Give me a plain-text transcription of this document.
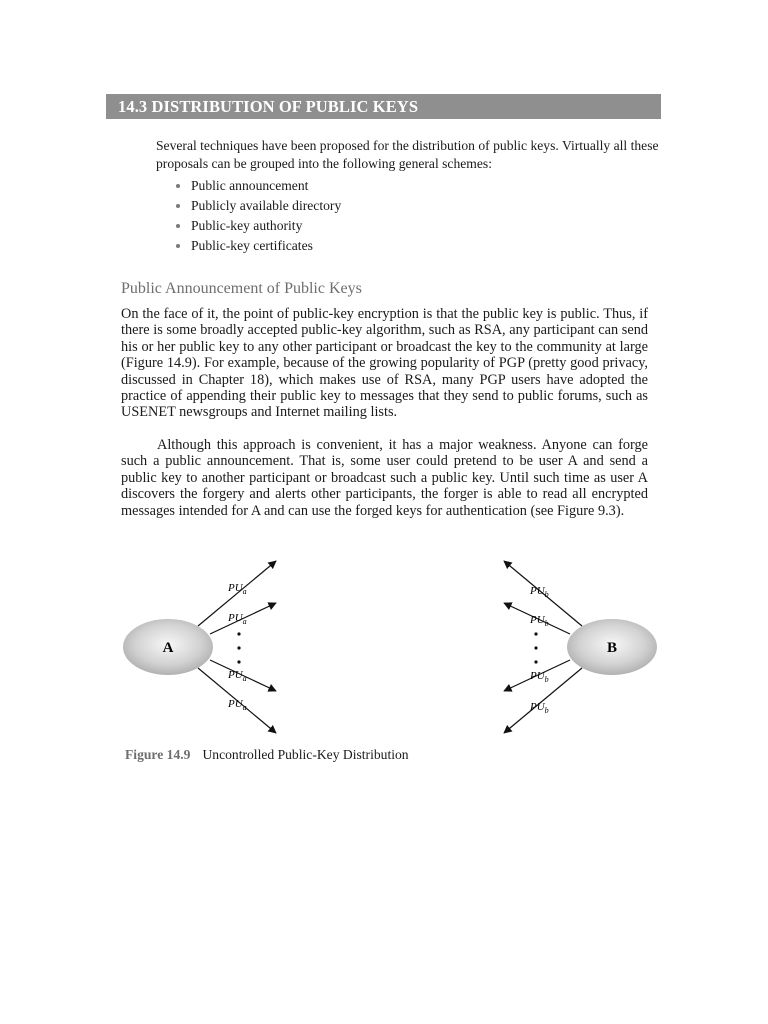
14.3 DISTRIBUTION OF PUBLIC KEYS

Several techniques have been proposed for the distribution of public keys. Virtually all these proposals can be grouped into the following general schemes:

Public announcement
Publicly available directory
Public-key authority
Public-key certificates
Public Announcement of Public Keys

On the face of it, the point of public-key encryption is that the public key is public. Thus, if there is some broadly accepted public-key algorithm, such as RSA, any participant can send his or her public key to any other participant or broadcast the key to the community at large (Figure 14.9). For example, because of the growing popularity of PGP (pretty good privacy, discussed in Chapter 18), which makes use of RSA, many PGP users have adopted the practice of appending their public key to messages that they send to public forums, such as USENET newsgroups and Internet mailing lists.

Although this approach is convenient, it has a major weakness. Anyone can forge such a public announcement. That is, some user could pretend to be user A and send a public key to another participant or broadcast such a public key. Until such time as user A discovers the forgery and alerts other participants, the forger is able to read all encrypted messages intended for A and can use the forged keys for authentication (see Figure 9.3).

A
$PU_a$
$PU_a$
$PU_a$
$PU_a$
B
$PU_b$
$PU_b$
$PU_b$
$PU_b$
Figure 14.9 Uncontrolled Public-Key Distribution
